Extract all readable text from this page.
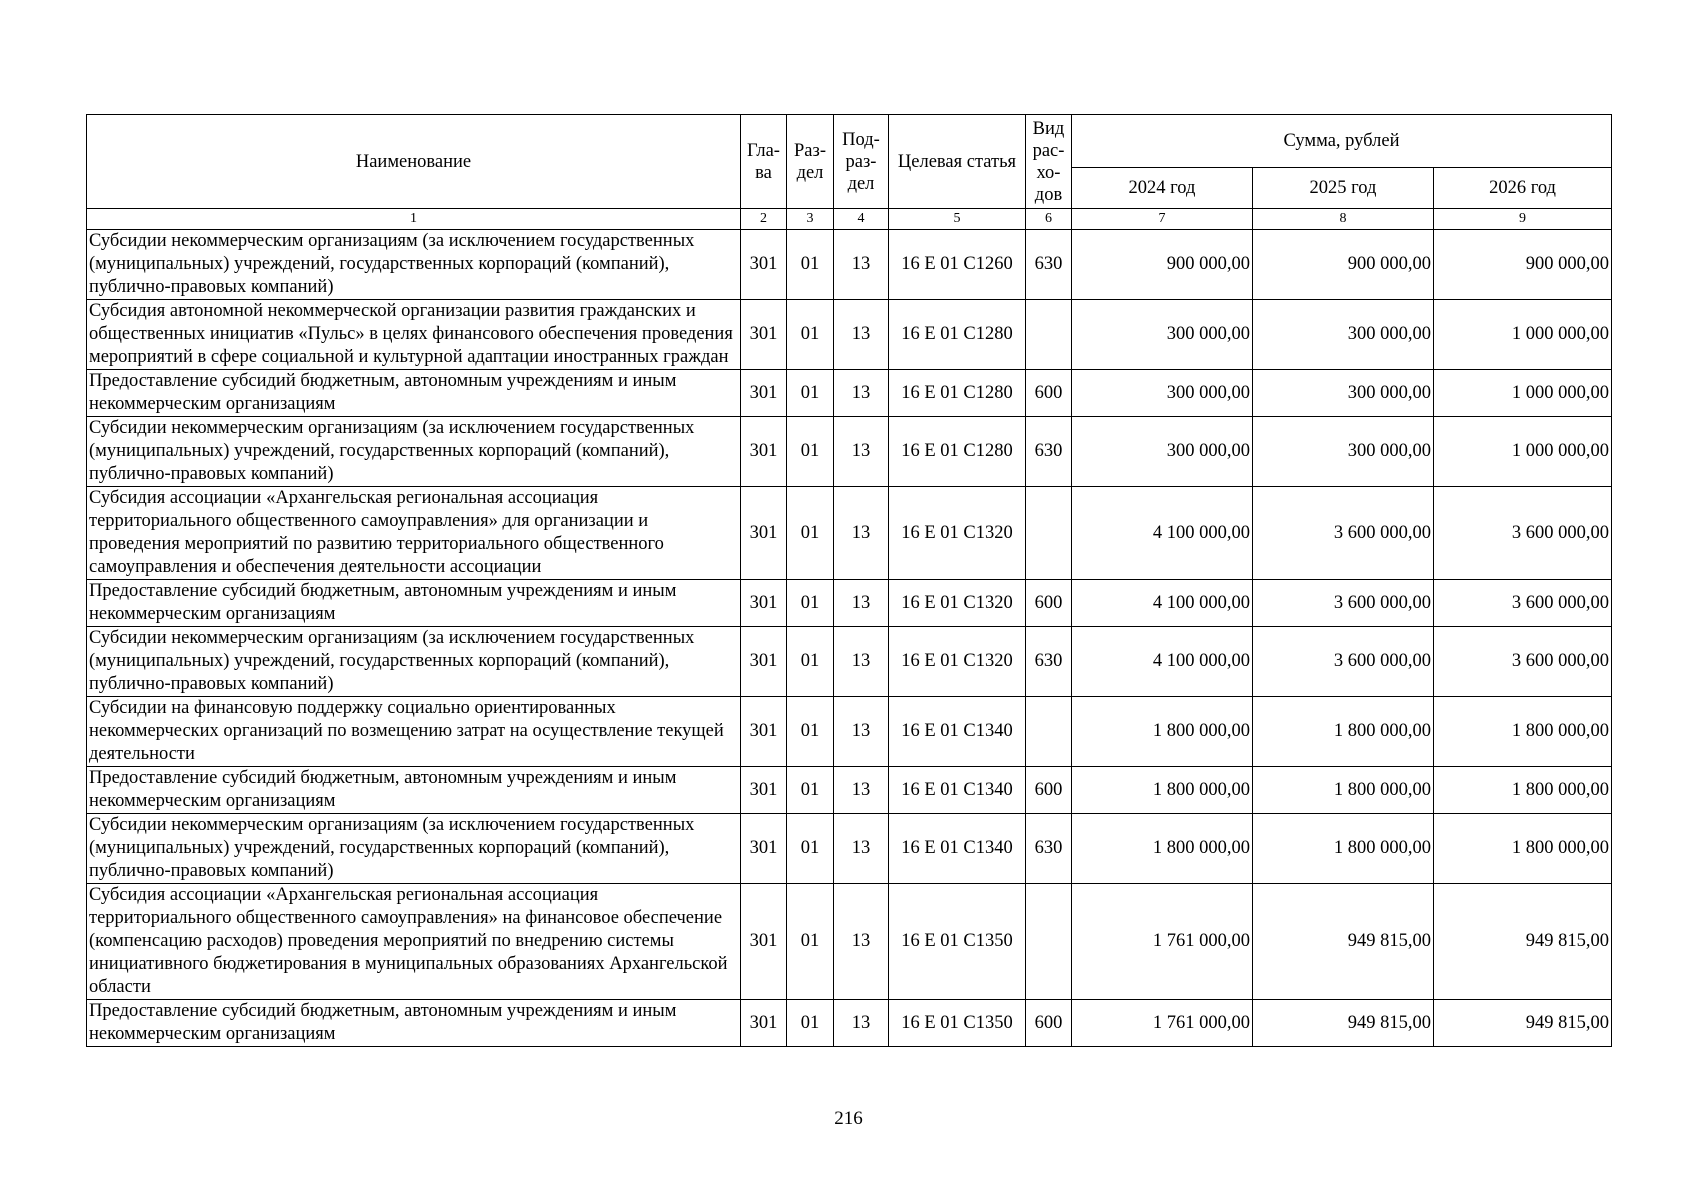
Наименование	Гла-ва	Раз-дел	Под-раз-дел	Целевая статья	Вид рас-хо-дов	Сумма, рублей		
						2024 год	2025 год	2026 год
1	2	3	4	5	6	7	8	9
Субсидии некоммерческим организациям (за исключением государственных (муниципальных) учреждений, государственных корпораций (компаний), публично-правовых компаний)	301	01	13	16 Е 01 С1260	630	900 000,00	900 000,00	900 000,00
Субсидия автономной некоммерческой организации развития гражданских и общественных инициатив «Пульс» в целях финансового обеспечения проведения мероприятий в сфере социальной и культурной адаптации иностранных граждан	301	01	13	16 Е 01 С1280		300 000,00	300 000,00	1 000 000,00
Предоставление субсидий бюджетным, автономным учреждениям и иным некоммерческим организациям	301	01	13	16 Е 01 С1280	600	300 000,00	300 000,00	1 000 000,00
Субсидии некоммерческим организациям (за исключением государственных (муниципальных) учреждений, государственных корпораций (компаний), публично-правовых компаний)	301	01	13	16 Е 01 С1280	630	300 000,00	300 000,00	1 000 000,00
Субсидия ассоциации «Архангельская региональная ассоциация территориального общественного самоуправления» для организации и проведения мероприятий по развитию территориального общественного самоуправления и обеспечения деятельности ассоциации	301	01	13	16 Е 01 С1320		4 100 000,00	3 600 000,00	3 600 000,00
Предоставление субсидий бюджетным, автономным учреждениям и иным некоммерческим организациям	301	01	13	16 Е 01 С1320	600	4 100 000,00	3 600 000,00	3 600 000,00
Субсидии некоммерческим организациям (за исключением государственных (муниципальных) учреждений, государственных корпораций (компаний), публично-правовых компаний)	301	01	13	16 Е 01 С1320	630	4 100 000,00	3 600 000,00	3 600 000,00
Субсидии на финансовую поддержку социально ориентированных некоммерческих организаций по возмещению затрат на осуществление текущей деятельности	301	01	13	16 Е 01 С1340		1 800 000,00	1 800 000,00	1 800 000,00
Предоставление субсидий бюджетным, автономным учреждениям и иным некоммерческим организациям	301	01	13	16 Е 01 С1340	600	1 800 000,00	1 800 000,00	1 800 000,00
Субсидии некоммерческим организациям (за исключением государственных (муниципальных) учреждений, государственных корпораций (компаний), публично-правовых компаний)	301	01	13	16 Е 01 С1340	630	1 800 000,00	1 800 000,00	1 800 000,00
Субсидия ассоциации «Архангельская региональная ассоциация территориального общественного самоуправления» на финансовое обеспечение (компенсацию расходов) проведения мероприятий по внедрению системы инициативного бюджетирования в муниципальных образованиях Архангельской области	301	01	13	16 Е 01 С1350		1 761 000,00	949 815,00	949 815,00
Предоставление субсидий бюджетным, автономным учреждениям и иным некоммерческим организациям	301	01	13	16 Е 01 С1350	600	1 761 000,00	949 815,00	949 815,00
216
